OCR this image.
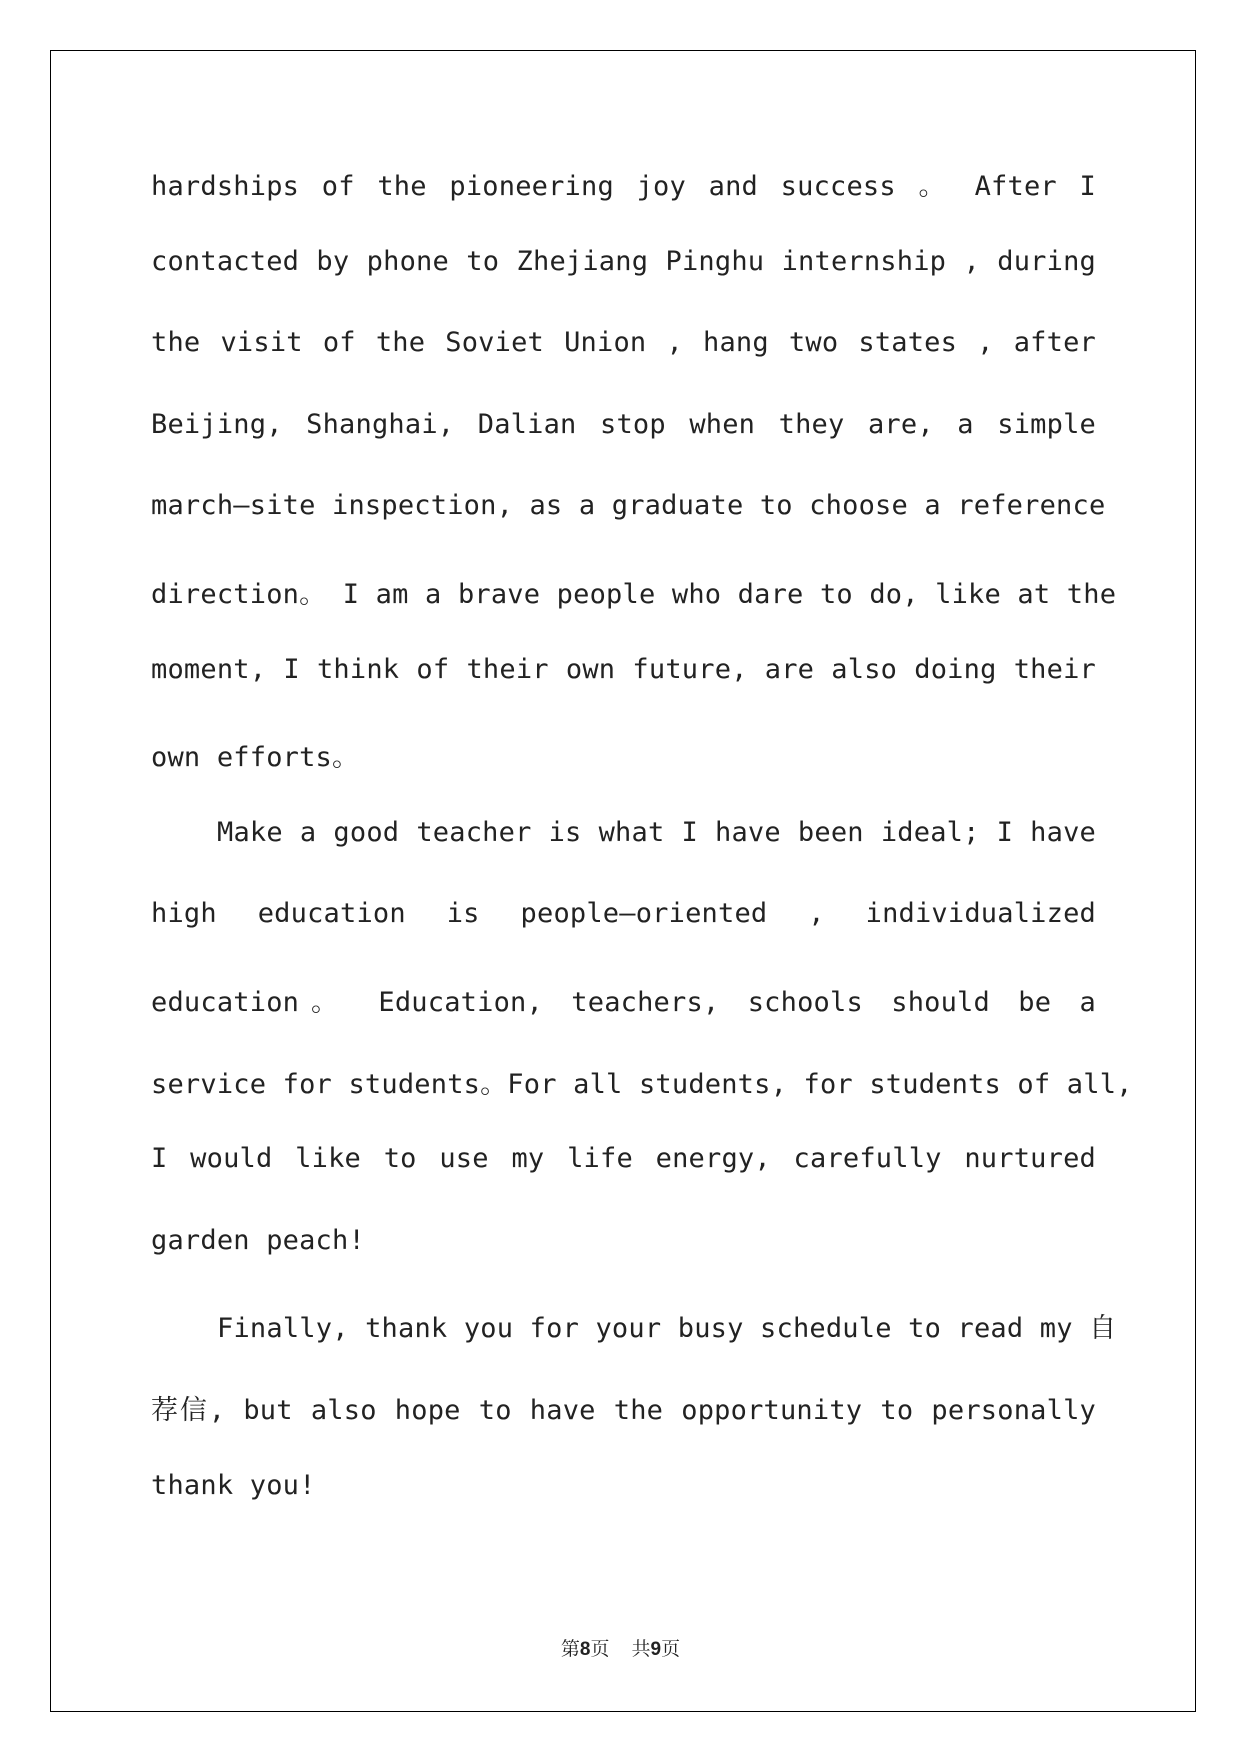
hardships of the pioneering joy and success 。 After I
contacted by phone to Zhejiang Pinghu internship , during
the visit of the Soviet Union , hang two states , after
Beijing, Shanghai, Dalian stop when they are, a simple
march—site inspection, as a graduate to choose a reference
direction。 I am a brave people who dare to do, like at the
moment, I think of their own future, are also doing their
own efforts。
Make a good teacher is what I have been ideal; I have
high education is people—oriented , individualized
education。 Education, teachers, schools should be a
service for students。For all students, for students of all,
I would like to use my life energy, carefully nurtured
garden peach!
Finally, thank you for your busy schedule to read my 自
荐信, but also hope to have the opportunity to personally
thank you!
第8页 共9页
